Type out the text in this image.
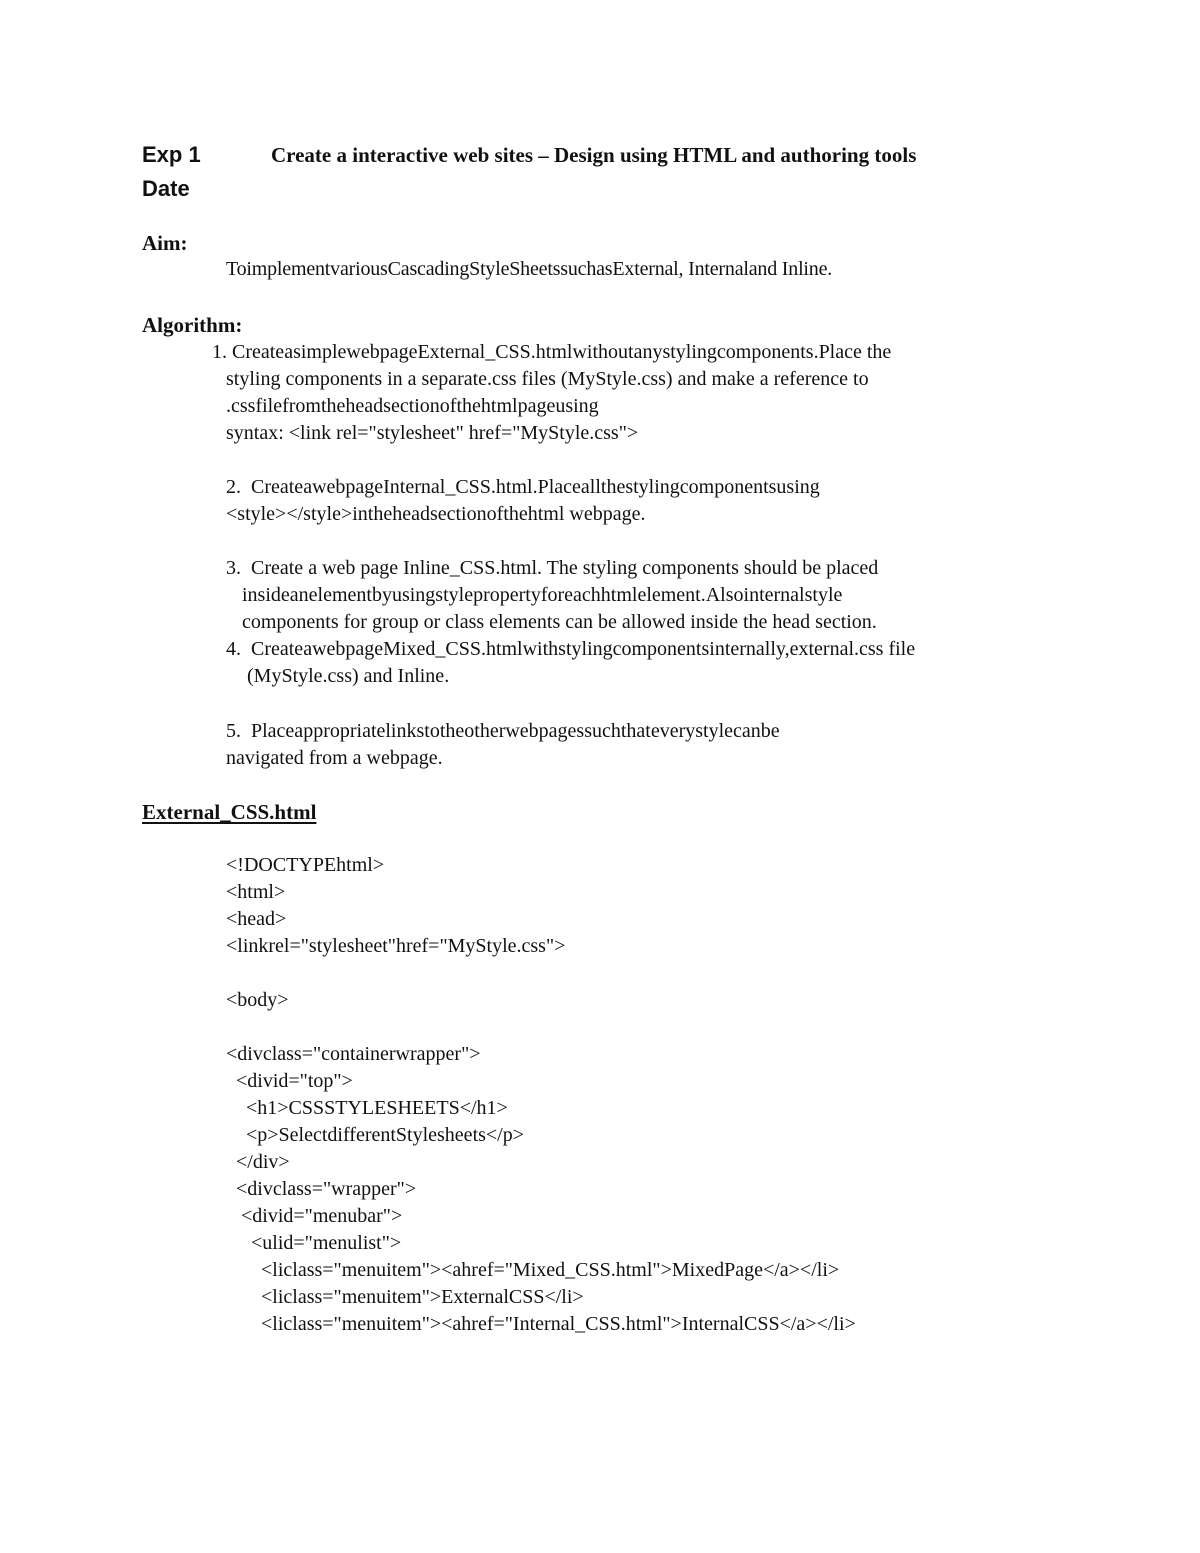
Exp 1	Create a interactive web sites – Design using HTML and authoring tools
Date
Aim:
ToimplementvariousCascadingStyleSheetssuchasExternal, Internaland Inline.
Algorithm:
1. CreateasimplewebpageExternal_CSS.htmlwithoutanystylingcomponents.Place the
styling components in a separate.css files (MyStyle.css) and make a reference to
.cssfilefromtheheadsectionofthehtmlpageusing
syntax: <link rel="stylesheet" href="MyStyle.css">
2.  CreateawebpageInternal_CSS.html.Placeallthestylingcomponentsusing
<style></style>intheheadsectionofthehtml webpage.
3.  Create a web page Inline_CSS.html. The styling components should be placed
insideanelementbyusingstylepropertyforeachhtmlelement.Alsointernalstyle
components for group or class elements can be allowed inside the head section.
4.  CreateawebpageMixed_CSS.htmlwithstylingcomponentsinternally,external.css file
(MyStyle.css) and Inline.
5.  Placeappropriatelinkstotheotherwebpagessuchthateverystylecanbe
navigated from a webpage.
External_CSS.html
<!DOCTYPEhtml>
<html>
<head>
<linkrel="stylesheet"href="MyStyle.css">
<body>
<divclass="containerwrapper">
<divid="top">
<h1>CSSSTYLESHEETS</h1>
<p>SelectdifferentStylesheets</p>
</div>
<divclass="wrapper">
<divid="menubar">
<ulid="menulist">
<liclass="menuitem"><ahref="Mixed_CSS.html">MixedPage</a></li>
<liclass="menuitem">ExternalCSS</li>
<liclass="menuitem"><ahref="Internal_CSS.html">InternalCSS</a></li>
